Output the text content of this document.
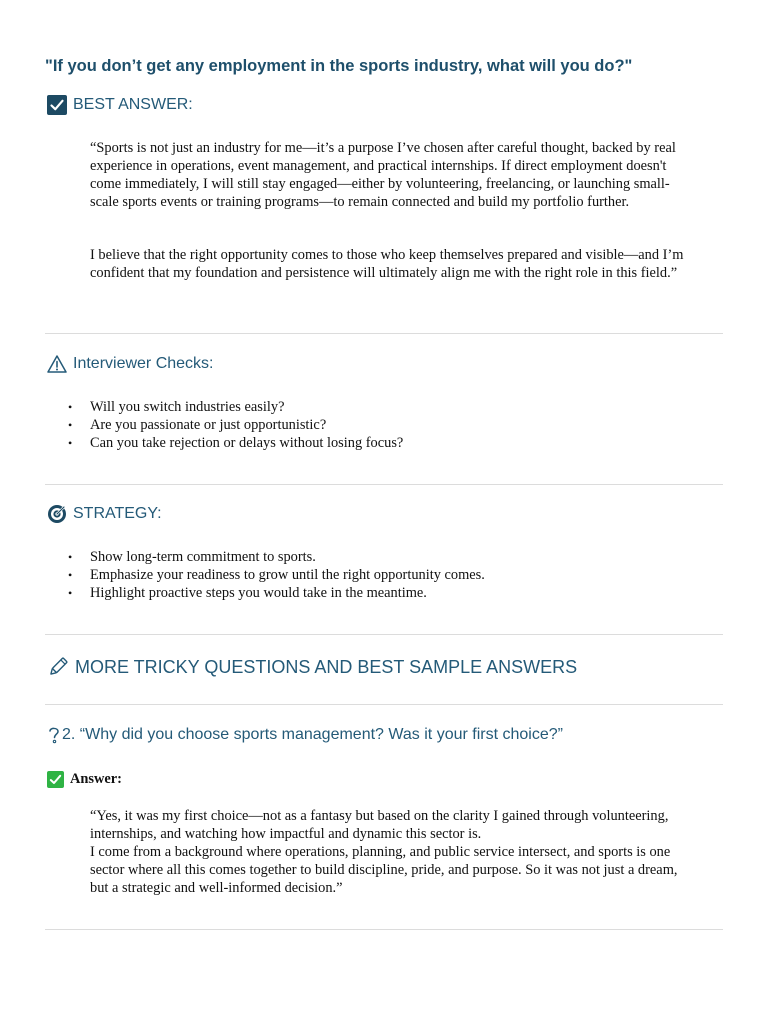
"If you don’t get any employment in the sports industry, what will you do?"
BEST ANSWER:

“Sports is not just an industry for me—it’s a purpose I’ve chosen after careful thought, backed by real experience in operations, event management, and practical internships. If direct employment doesn't come immediately, I will still stay engaged—either by volunteering, freelancing, or launching small-scale sports events or training programs—to remain connected and build my portfolio further.

I believe that the right opportunity comes to those who keep themselves prepared and visible—and I’m confident that my foundation and persistence will ultimately align me with the right role in this field.”

Interviewer Checks:
• Will you switch industries easily?
• Are you passionate or just opportunistic?
• Can you take rejection or delays without losing focus?
STRATEGY:
• Show long-term commitment to sports.
• Emphasize your readiness to grow until the right opportunity comes.
• Highlight proactive steps you would take in the meantime.
MORE TRICKY QUESTIONS AND BEST SAMPLE ANSWERS
2. “Why did you choose sports management? Was it your first choice?”
Answer:

“Yes, it was my first choice—not as a fantasy but based on the clarity I gained through volunteering, internships, and watching how impactful and dynamic this sector is.

I come from a background where operations, planning, and public service intersect, and sports is one sector where all this comes together to build discipline, pride, and purpose. So it was not just a dream, but a strategic and well-informed decision.”
